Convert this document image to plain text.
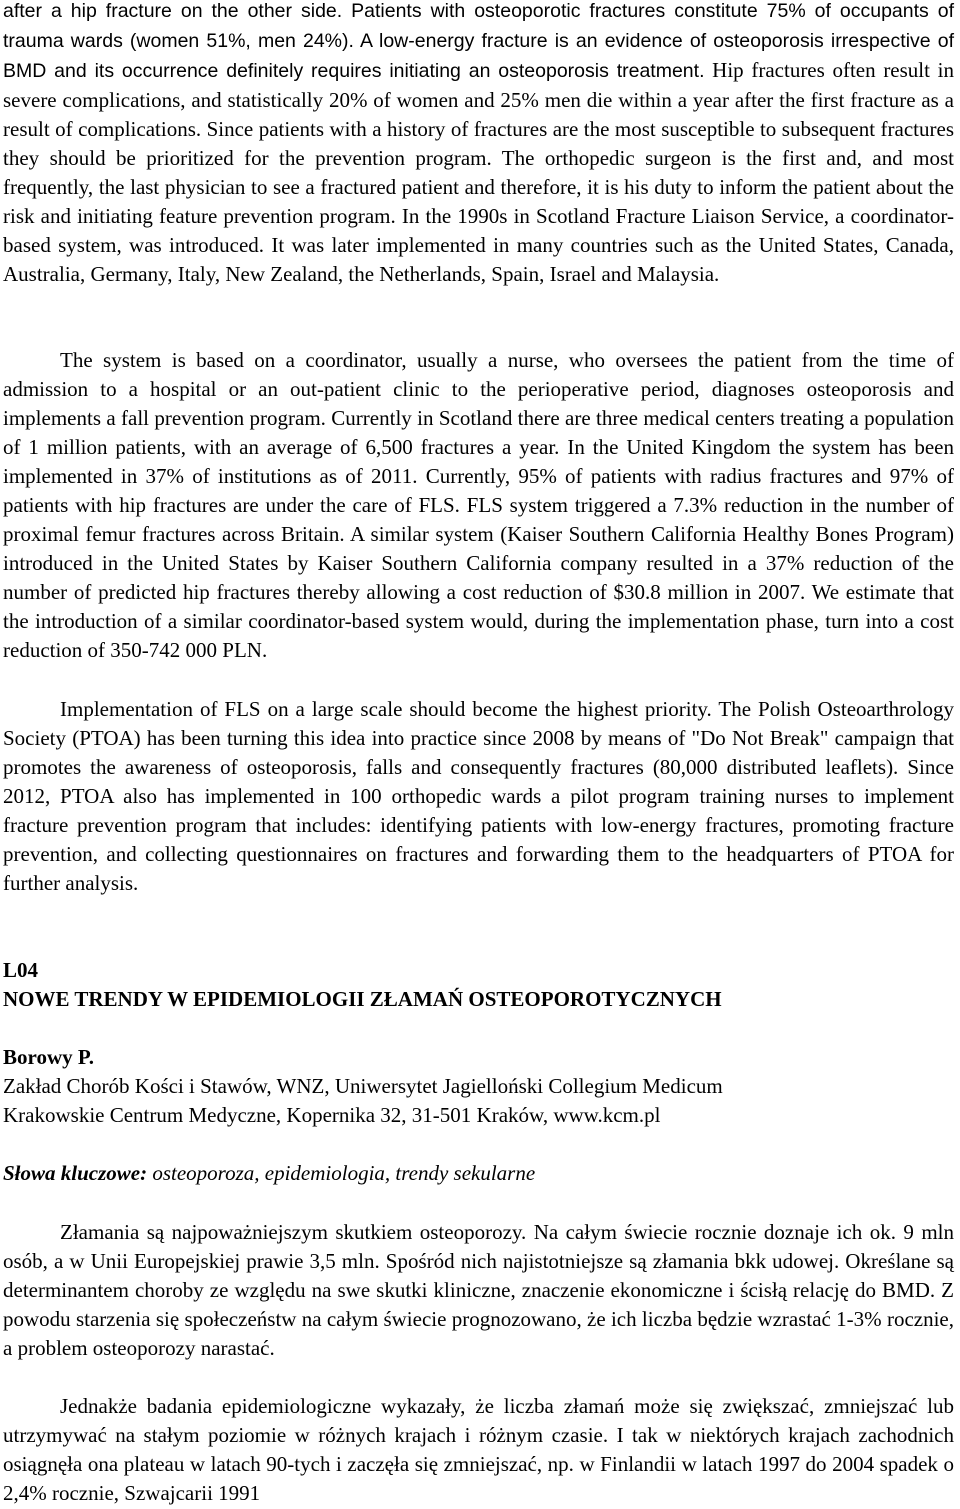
after a hip fracture on the other side. Patients with osteoporotic fractures constitute 75% of occupants of trauma wards (women 51%, men 24%). A low-energy fracture is an evidence of osteoporosis irrespective of BMD and its occurrence definitely requires initiating an osteoporosis treatment. Hip fractures often result in severe complications, and statistically 20% of women and 25% men die within a year after the first fracture as a result of complications. Since patients with a history of fractures are the most susceptible to subsequent fractures they should be prioritized for the prevention program. The orthopedic surgeon is the first and, and most frequently, the last physician to see a fractured patient and therefore, it is his duty to inform the patient about the risk and initiating feature prevention program. In the 1990s in Scotland Fracture Liaison Service, a coordinator-based system, was introduced. It was later implemented in many countries such as the United States, Canada, Australia, Germany, Italy, New Zealand, the Netherlands, Spain, Israel and Malaysia.

The system is based on a coordinator, usually a nurse, who oversees the patient from the time of admission to a hospital or an out-patient clinic to the perioperative period, diagnoses osteoporosis and implements a fall prevention program. Currently in Scotland there are three medical centers treating a population of 1 million patients, with an average of 6,500 fractures a year. In the United Kingdom the system has been implemented in 37% of institutions as of 2011. Currently, 95% of patients with radius fractures and 97% of patients with hip fractures are under the care of FLS. FLS system triggered a 7.3% reduction in the number of proximal femur fractures across Britain. A similar system (Kaiser Southern California Healthy Bones Program) introduced in the United States by Kaiser Southern California company resulted in a 37% reduction of the number of predicted hip fractures thereby allowing a cost reduction of $30.8 million in 2007. We estimate that the introduction of a similar coordinator-based system would, during the implementation phase, turn into a cost reduction of 350-742 000 PLN.

Implementation of FLS on a large scale should become the highest priority. The Polish Osteoarthrology Society (PTOA) has been turning this idea into practice since 2008 by means of "Do Not Break" campaign that promotes the awareness of osteoporosis, falls and consequently fractures (80,000 distributed leaflets). Since 2012, PTOA also has implemented in 100 orthopedic wards a pilot program training nurses to implement fracture prevention program that includes: identifying patients with low-energy fractures, promoting fracture prevention, and collecting questionnaires on fractures and forwarding them to the headquarters of PTOA for further analysis.

L04
NOWE TRENDY W EPIDEMIOLOGII ZŁAMAŃ OSTEOPOROTYCZNYCH
Borowy P.
Zakład Chorób Kości i Stawów, WNZ, Uniwersytet Jagielloński Collegium Medicum
Krakowskie Centrum Medyczne, Kopernika 32, 31-501 Kraków, www.kcm.pl
Słowa kluczowe: osteoporoza, epidemiologia, trendy sekularne

Złamania są najpoważniejszym skutkiem osteoporozy. Na całym świecie rocznie doznaje ich ok. 9 mln osób, a w Unii Europejskiej prawie 3,5 mln. Spośród nich najistotniejsze są złamania bkk udowej. Określane są determinantem choroby ze względu na swe skutki kliniczne, znaczenie ekonomiczne i ścisłą relację do BMD. Z powodu starzenia się społeczeństw na całym świecie prognozowano, że ich liczba będzie wzrastać 1-3% rocznie, a problem osteoporozy narastać.

Jednakże badania epidemiologiczne wykazały, że liczba złamań może się zwiększać, zmniejszać lub utrzymywać na stałym poziomie w różnych krajach i różnym czasie. I tak w niektórych krajach zachodnich osiągnęła ona plateau w latach 90-tych i zaczęła się zmniejszać, np. w Finlandii w latach 1997 do 2004 spadek o 2,4% rocznie, Szwajcarii 1991
